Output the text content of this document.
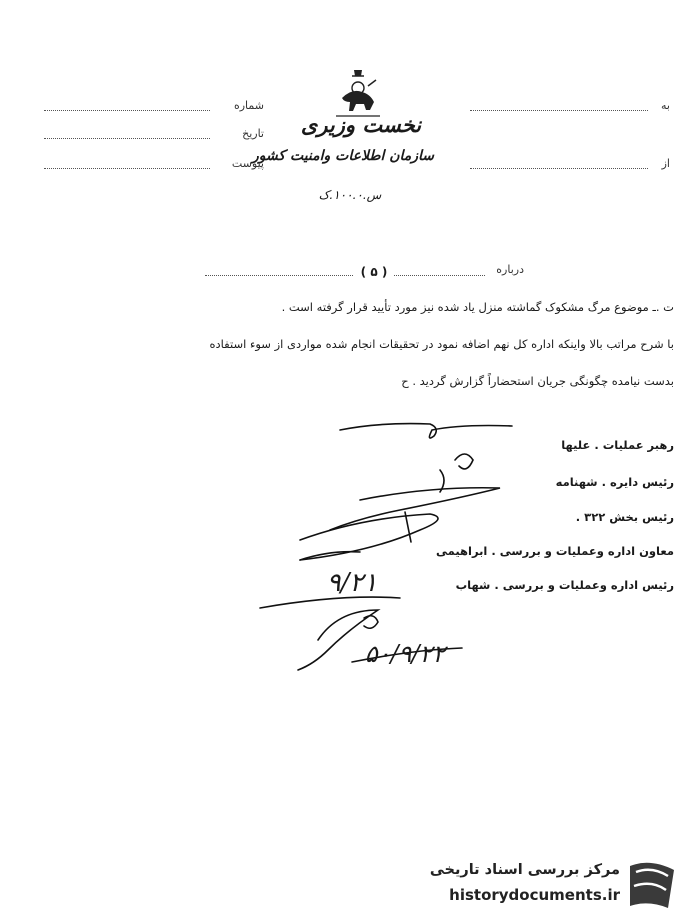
نخست وزیری
سازمان اطلاعات وامنیت کشور
س.۱۰۰.۰.ک
شماره
تاریخ
پیوست
به
از
درباره
( ۵ )
ت .ـ موضوع مرگ مشکوک گماشته منزل یاد شده نیز مورد تأیید قرار گرفته است .
با شرح مراتب بالا واینکه اداره کل نهم اضافه نمود در تحقیقات انجام شده مواردی از سوء استفاده
بدست نیامده چگونگی جریان استحضاراً گزارش گردید . ح
رهبر عملیات . علیها
رئیس دایره . شهنامه
رئیس بخش ۳۲۲ .
معاون اداره وعملیات و بررسی . ابراهیمی
رئیس اداره وعملیات و بررسی . شهاب
۹/۲۱
۵۰/۹/۲۲
مرکز بررسی اسناد تاریخی
historydocuments.ir
